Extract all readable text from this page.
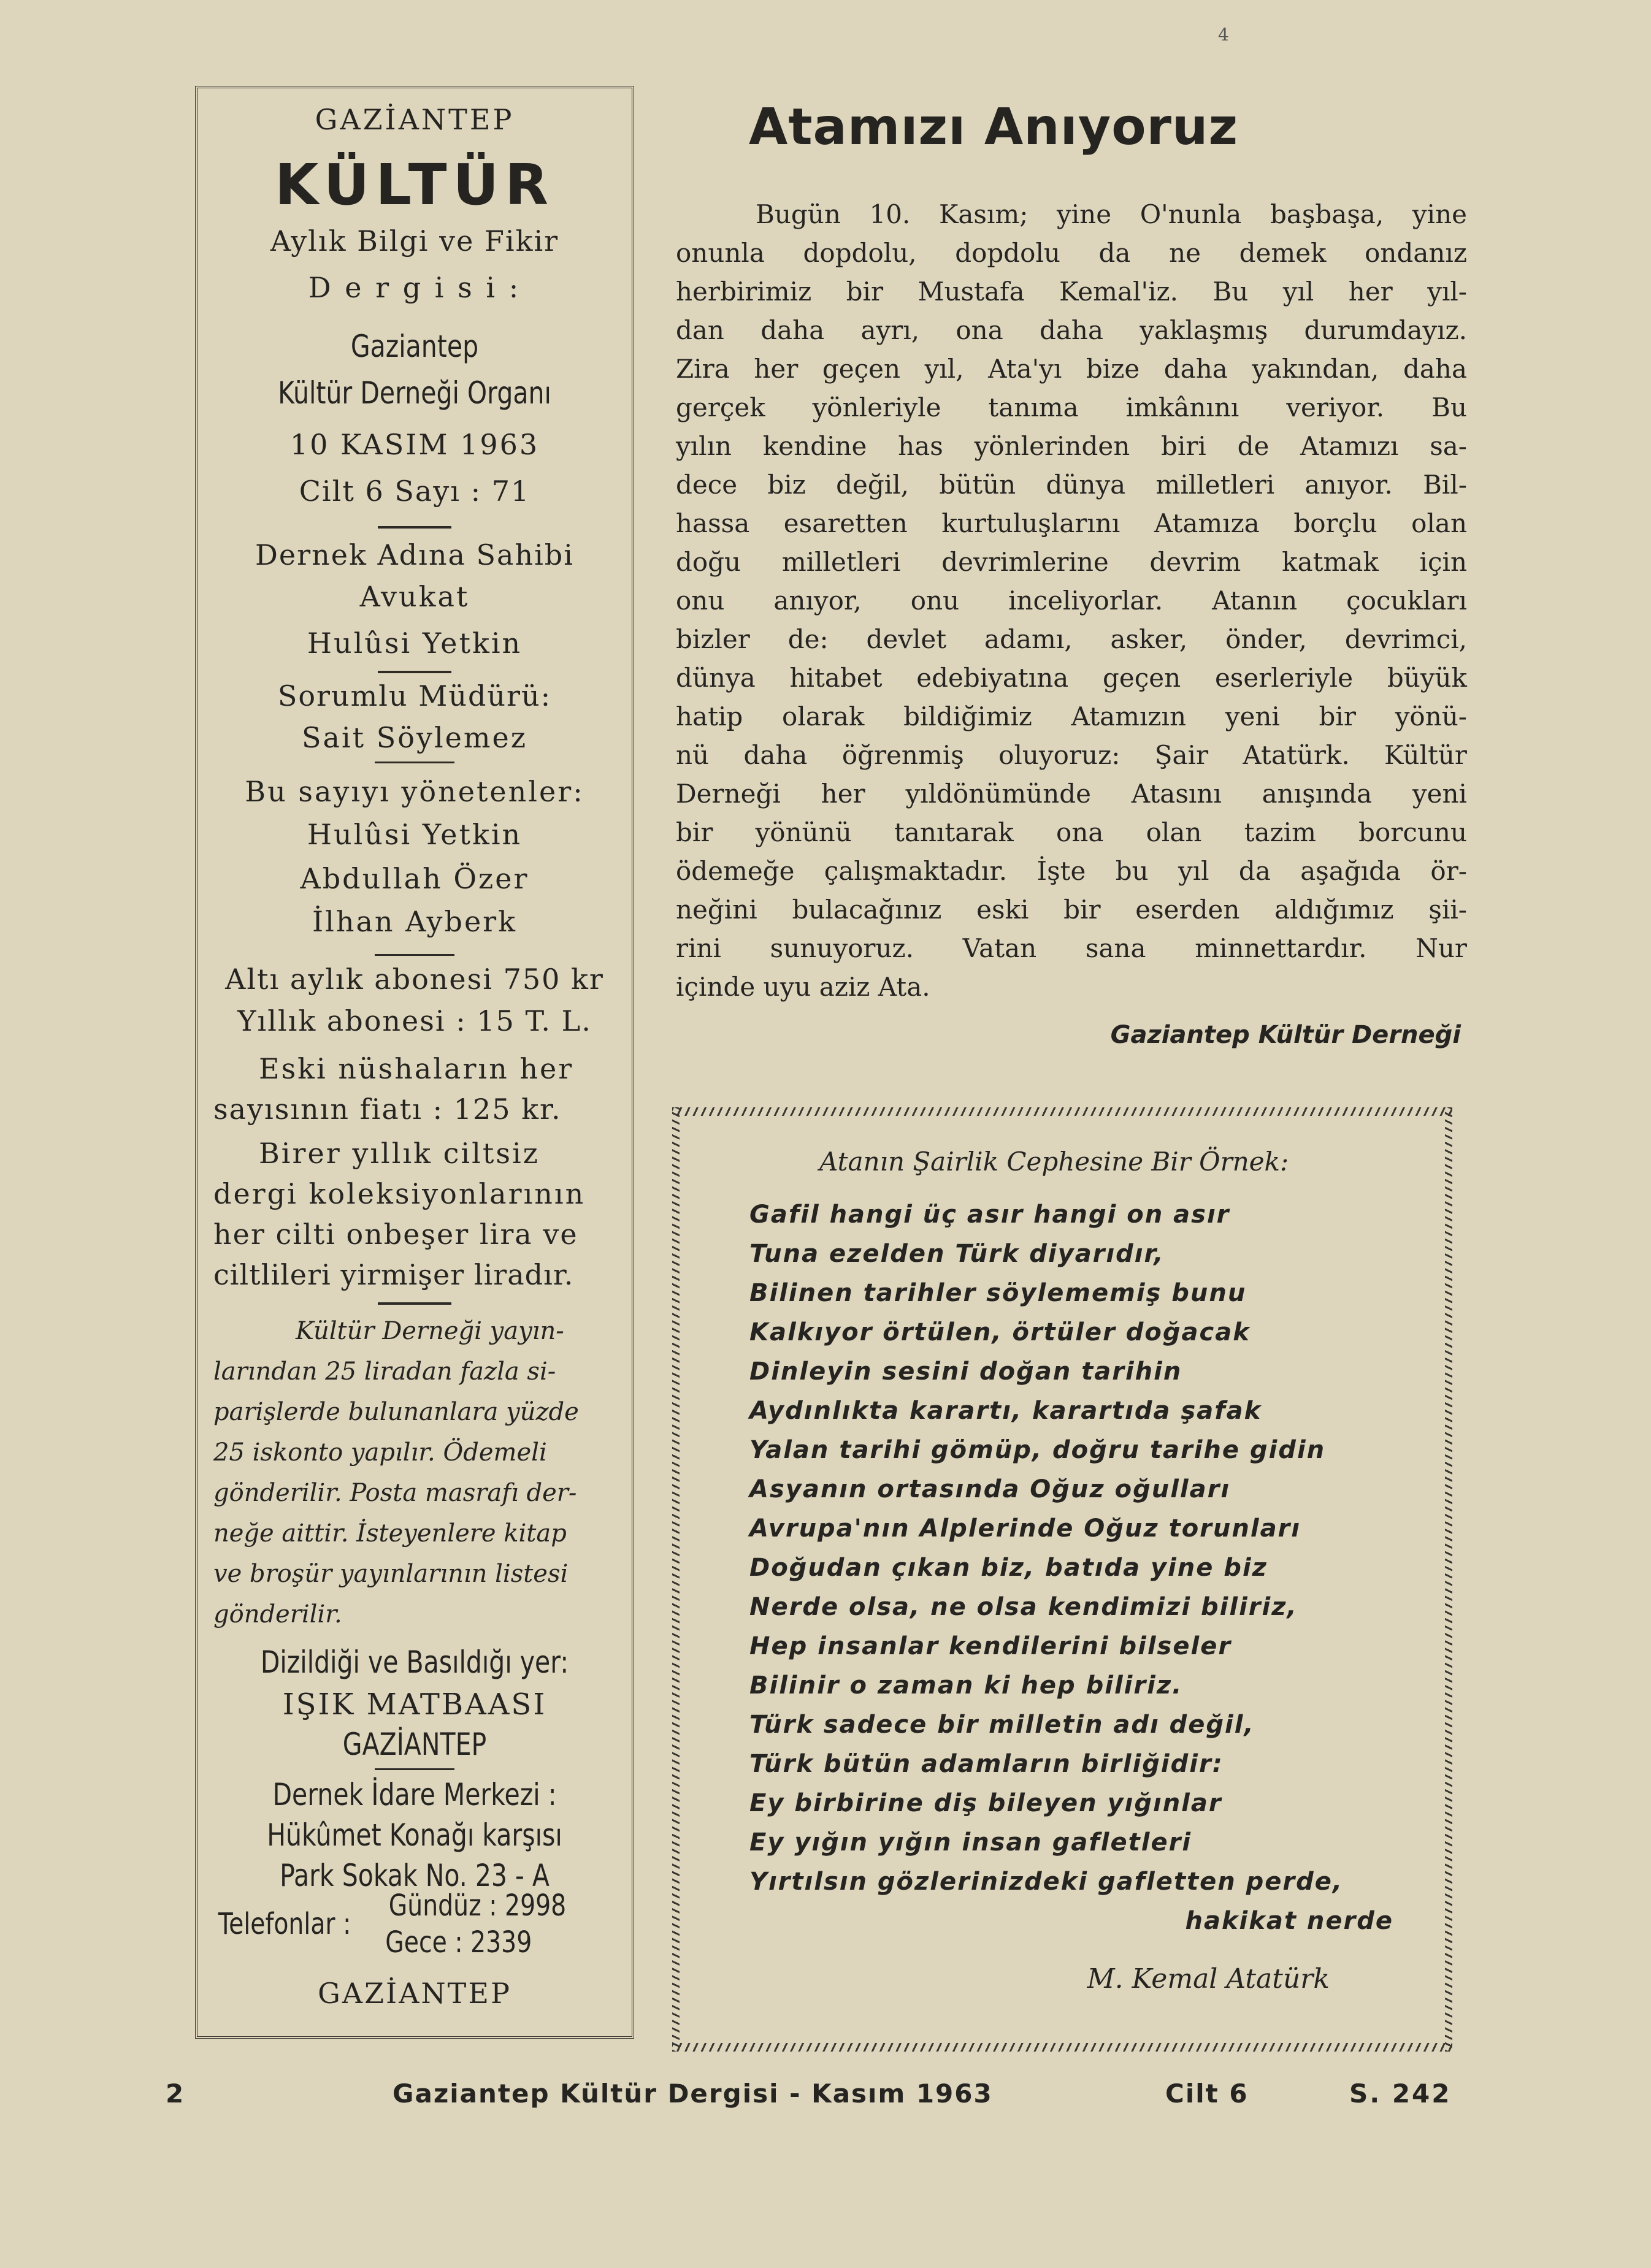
4
GAZİANTEP
KÜLTÜR
Aylık Bilgi ve Fikir
D e r g i s i :
Gaziantep
Kültür Derneği Organı
10 KASIM 1963
Cilt 6 Sayı : 71
Dernek Adına Sahibi
Avukat
Hulûsi Yetkin
Sorumlu Müdürü:
Sait Söylemez
Bu sayıyı yönetenler:
Hulûsi Yetkin
Abdullah Özer
İlhan Ayberk
Altı aylık abonesi 750 kr
Yıllık abonesi : 15 T. L.
Eski nüshaların her
sayısının fiatı : 125 kr.
Birer yıllık ciltsiz
dergi koleksiyonlarının
her cilti onbeşer lira ve
ciltlileri yirmişer liradır.
Kültür Derneği yayın-
larından 25 liradan fazla si-
parişlerde bulunanlara yüzde
25 iskonto yapılır. Ödemeli
gönderilir. Posta masrafı der-
neğe aittir. İsteyenlere kitap
ve broşür yayınlarının listesi
gönderilir.
Dizildiği ve Basıldığı yer:
IŞIK MATBAASI
GAZİANTEP
Dernek İdare Merkezi :
Hükûmet Konağı karşısı
Park Sokak No. 23 - A
Telefonlar :
Gündüz : 2998
Gece : 2339
GAZİANTEP
Atamızı Anıyoruz
Bugün 10. Kasım; yine O'nunla başbaşa, yine
onunla dopdolu, dopdolu da ne demek ondanız
herbirimiz bir Mustafa Kemal'iz. Bu yıl her yıl-
dan daha ayrı, ona daha yaklaşmış durumdayız.
Zira her geçen yıl, Ata'yı bize daha yakından, daha
gerçek yönleriyle tanıma imkânını veriyor. Bu
yılın kendine has yönlerinden biri de Atamızı sa-
dece biz değil, bütün dünya milletleri anıyor. Bil-
hassa esaretten kurtuluşlarını Atamıza borçlu olan
doğu milletleri devrimlerine devrim katmak için
onu anıyor, onu inceliyorlar. Atanın çocukları
bizler de: devlet adamı, asker, önder, devrimci,
dünya hitabet edebiyatına geçen eserleriyle büyük
hatip olarak bildiğimiz Atamızın yeni bir yönü-
nü daha öğrenmiş oluyoruz: Şair Atatürk. Kültür
Derneği her yıldönümünde Atasını anışında yeni
bir yönünü tanıtarak ona olan tazim borcunu
ödemeğe çalışmaktadır. İşte bu yıl da aşağıda ör-
neğini bulacağınız eski bir eserden aldığımız şii-
rini sunuyoruz. Vatan sana minnettardır. Nur
içinde uyu aziz Ata.
Gaziantep Kültür Derneği
Atanın Şairlik Cephesine Bir Örnek:
Gafil hangi üç asır hangi on asır
Tuna ezelden Türk diyarıdır,
Bilinen tarihler söylememiş bunu
Kalkıyor örtülen, örtüler doğacak
Dinleyin sesini doğan tarihin
Aydınlıkta karartı, karartıda şafak
Yalan tarihi gömüp, doğru tarihe gidin
Asyanın ortasında Oğuz oğulları
Avrupa'nın Alplerinde Oğuz torunları
Doğudan çıkan biz, batıda yine biz
Nerde olsa, ne olsa kendimizi biliriz,
Hep insanlar kendilerini bilseler
Bilinir o zaman ki hep biliriz.
Türk sadece bir milletin adı değil,
Türk bütün adamların birliğidir:
Ey birbirine diş bileyen yığınlar
Ey yığın yığın insan gafletleri
Yırtılsın gözlerinizdeki gafletten perde,
hakikat nerde
M. Kemal Atatürk
2	Gaziantep Kültür Dergisi - Kasım 1963	Cilt 6	S. 242
